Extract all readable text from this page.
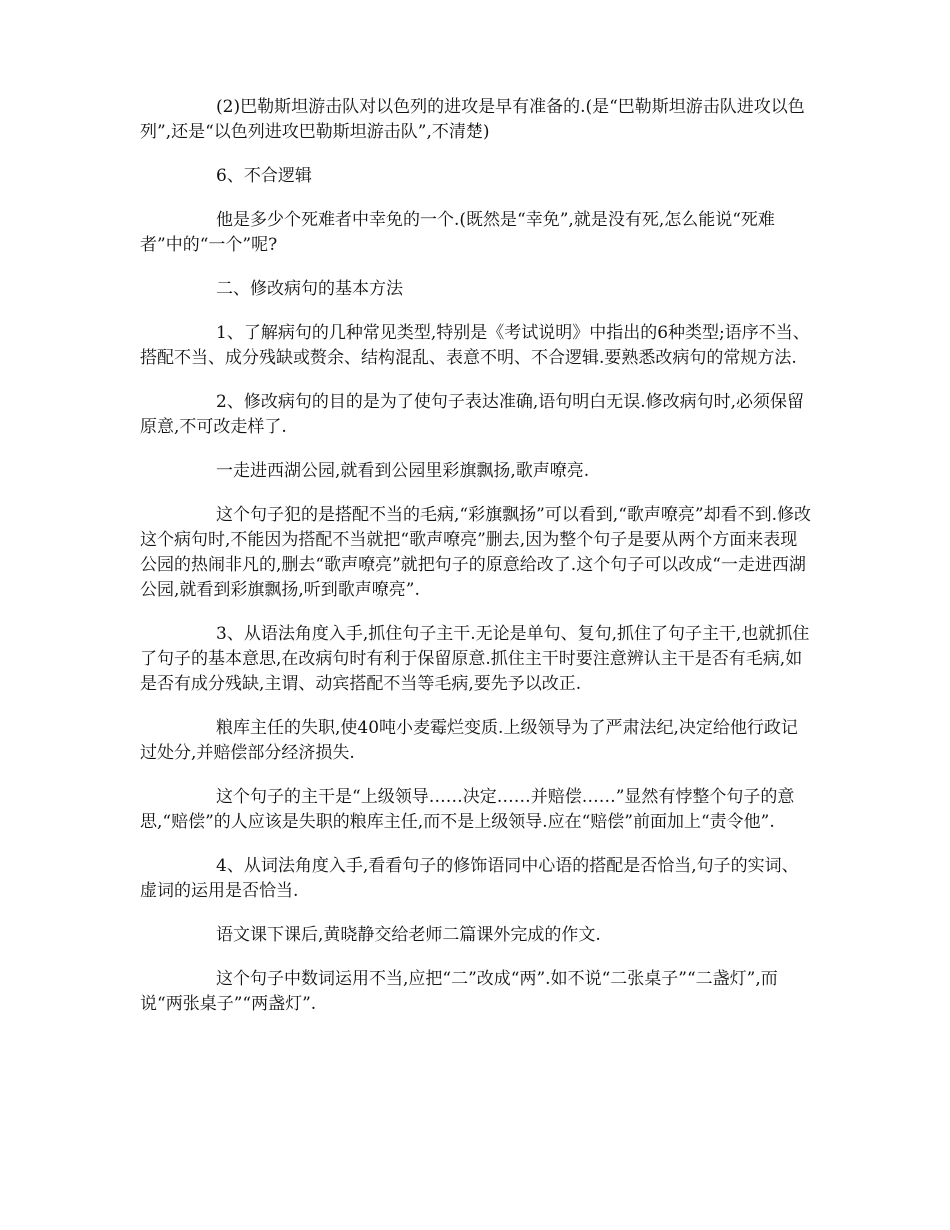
(2)巴勒斯坦游击队对以色列的进攻是早有准备的.(是“巴勒斯坦游击队进攻以色列”,还是“以色列进攻巴勒斯坦游击队”,不清楚)

6、不合逻辑

他是多少个死难者中幸免的一个.(既然是“幸免”,就是没有死,怎么能说“死难者”中的“一个”呢?

二、修改病句的基本方法

1、了解病句的几种常见类型,特别是《考试说明》中指出的6种类型;语序不当、搭配不当、成分残缺或赘余、结构混乱、表意不明、不合逻辑.要熟悉改病句的常规方法.

2、修改病句的目的是为了使句子表达准确,语句明白无误.修改病句时,必须保留原意,不可改走样了.

一走进西湖公园,就看到公园里彩旗飘扬,歌声嘹亮.

这个句子犯的是搭配不当的毛病,“彩旗飘扬”可以看到,“歌声嘹亮”却看不到.修改这个病句时,不能因为搭配不当就把“歌声嘹亮”删去,因为整个句子是要从两个方面来表现公园的热闹非凡的,删去“歌声嘹亮”就把句子的原意给改了.这个句子可以改成“一走进西湖公园,就看到彩旗飘扬,听到歌声嘹亮”.

3、从语法角度入手,抓住句子主干.无论是单句、复句,抓住了句子主干,也就抓住了句子的基本意思,在改病句时有利于保留原意.抓住主干时要注意辨认主干是否有毛病,如是否有成分残缺,主谓、动宾搭配不当等毛病,要先予以改正.

粮库主任的失职,使40吨小麦霉烂变质.上级领导为了严肃法纪,决定给他行政记过处分,并赔偿部分经济损失.

这个句子的主干是“上级领导……决定……并赔偿……”显然有悖整个句子的意思,“赔偿”的人应该是失职的粮库主任,而不是上级领导.应在“赔偿”前面加上“责令他”.

4、从词法角度入手,看看句子的修饰语同中心语的搭配是否恰当,句子的实词、虚词的运用是否恰当.

语文课下课后,黄晓静交给老师二篇课外完成的作文.

这个句子中数词运用不当,应把“二”改成“两”.如不说“二张桌子”“二盏灯”,而说“两张桌子”“两盏灯”.
